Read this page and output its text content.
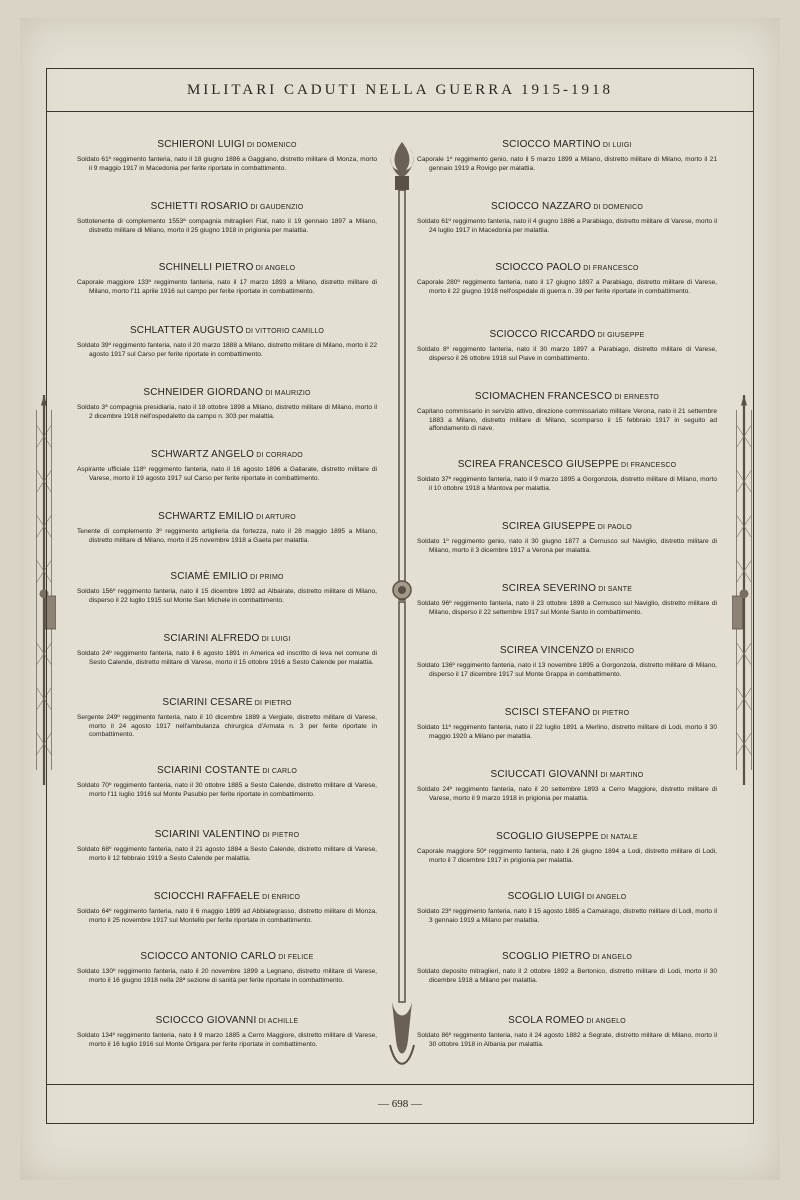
MILITARI CADUTI NELLA GUERRA 1915-1918
SCHIERONI LUIGI DI DOMENICO
Soldato 61º reggimento fanteria, nato il 18 giugno 1886 a Gaggiano, distretto militare di Monza, morto il 9 maggio 1917 in Macedonia per ferite riportate in combattimento.
SCHIETTI ROSARIO DI GAUDENZIO
Sottotenente di complemento 1553ª compagnia mitraglieri Fiat, nato il 19 gennaio 1897 a Milano, distretto militare di Milano, morto il 25 giugno 1918 in prigionia per malattia.
SCHINELLI PIETRO DI ANGELO
Caporale maggiore 133º reggimento fanteria, nato il 17 marzo 1893 a Milano, distretto militare di Milano, morto l'11 aprile 1916 sul campo per ferite riportate in combattimento.
SCHLATTER AUGUSTO DI VITTORIO CAMILLO
Soldato 39º reggimento fanteria, nato il 20 marzo 1888 a Milano, distretto militare di Milano, morto il 22 agosto 1917 sul Carso per ferite riportate in combattimento.
SCHNEIDER GIORDANO DI MAURIZIO
Soldato 3ª compagnia presidiaria, nato il 18 ottobre 1898 a Milano, distretto militare di Milano, morto il 2 dicembre 1918 nell'ospedaletto da campo n. 303 per malattia.
SCHWARTZ ANGELO DI CORRADO
Aspirante ufficiale 118º reggimento fanteria, nato il 16 agosto 1896 a Gallarate, distretto militare di Varese, morto il 19 agosto 1917 sul Carso per ferite riportate in combattimento.
SCHWARTZ EMILIO DI ARTURO
Tenente di complemento 3º reggimento artiglieria da fortezza, nato il 28 maggio 1895 a Milano, distretto militare di Milano, morto il 25 novembre 1918 a Gaeta per malattia.
SCIAMÈ EMILIO DI PRIMO
Soldato 156º reggimento fanteria, nato il 15 dicembre 1892 ad Albairate, distretto militare di Milano, disperso il 22 luglio 1915 sul Monte San Michele in combattimento.
SCIARINI ALFREDO DI LUIGI
Soldato 24º reggimento fanteria, nato il 6 agosto 1891 in America ed inscritto di leva nel comune di Sesto Calende, distretto militare di Varese, morto il 15 ottobre 1916 a Sesto Calende per malattia.
SCIARINI CESARE DI PIETRO
Sergente 249º reggimento fanteria, nato il 10 dicembre 1889 a Vergiate, distretto militare di Varese, morto il 24 agosto 1917 nell'ambulanza chirurgica d'Armata n. 3 per ferite riportate in combattimento.
SCIARINI COSTANTE DI CARLO
Soldato 70º reggimento fanteria, nato il 30 ottobre 1885 a Sesto Calende, distretto militare di Varese, morto l'11 luglio 1916 sul Monte Pasubio per ferite riportate in combattimento.
SCIARINI VALENTINO DI PIETRO
Soldato 68º reggimento fanteria, nato il 21 agosto 1884 a Sesto Calende, distretto militare di Varese, morto il 12 febbraio 1919 a Sesto Calende per malattia.
SCIOCCHI RAFFAELE DI ENRICO
Soldato 64º reggimento fanteria, nato il 6 maggio 1899 ad Abbiategrasso, distretto militare di Monza, morto il 25 novembre 1917 sul Montello per ferite riportate in combattimento.
SCIOCCO ANTONIO CARLO DI FELICE
Soldato 130º reggimento fanteria, nato il 20 novembre 1899 a Legnano, distretto militare di Varese, morto il 16 giugno 1918 nella 28ª sezione di sanità per ferite riportate in combattimento.
SCIOCCO GIOVANNI DI ACHILLE
Soldato 134º reggimento fanteria, nato il 9 marzo 1885 a Cerro Maggiore, distretto militare di Varese, morto il 16 luglio 1916 sul Monte Ortigara per ferite riportate in combattimento.
SCIOCCO MARTINO DI LUIGI
Caporale 1º reggimento genio, nato il 5 marzo 1899 a Milano, distretto militare di Milano, morto il 21 gennaio 1919 a Rovigo per malattia.
SCIOCCO NAZZARO DI DOMENICO
Soldato 61º reggimento fanteria, nato il 4 giugno 1886 a Parabiago, distretto militare di Varese, morto il 24 luglio 1917 in Macedonia per malattia.
SCIOCCO PAOLO DI FRANCESCO
Caporale 280º reggimento fanteria, nato il 17 giugno 1897 a Parabiago, distretto militare di Varese, morto il 22 giugno 1918 nell'ospedale di guerra n. 39 per ferite riportate in combattimento.
SCIOCCO RICCARDO DI GIUSEPPE
Soldato 8º reggimento fanteria, nato il 30 marzo 1897 a Parabiago, distretto militare di Varese, disperso il 26 ottobre 1918 sul Piave in combattimento.
SCIOMACHEN FRANCESCO DI ERNESTO
Capitano commissario in servizio attivo, direzione commissariato militare Verona, nato il 21 settembre 1883 a Milano, distretto militare di Milano, scomparso il 15 febbraio 1917 in seguito ad affondamento di nave.
SCIREA FRANCESCO GIUSEPPE DI FRANCESCO
Soldato 37º reggimento fanteria, nato il 9 marzo 1895 a Gorgonzola, distretto militare di Milano, morto il 10 ottobre 1918 a Mantova per malattia.
SCIREA GIUSEPPE DI PAOLO
Soldato 1º reggimento genio, nato il 30 giugno 1877 a Cernusco sul Naviglio, distretto militare di Milano, morto il 3 dicembre 1917 a Verona per malattia.
SCIREA SEVERINO DI SANTE
Soldato 96º reggimento fanteria, nato il 23 ottobre 1898 a Cernusco sul Naviglio, distretto militare di Milano, disperso il 22 settembre 1917 sul Monte Santo in combattimento.
SCIREA VINCENZO DI ENRICO
Soldato 136º reggimento fanteria, nato il 13 novembre 1895 a Gorgonzola, distretto militare di Milano, disperso il 17 dicembre 1917 sul Monte Grappa in combattimento.
SCISCI STEFANO DI PIETRO
Soldato 11º reggimento fanteria, nato il 22 luglio 1891 a Merlino, distretto militare di Lodi, morto il 30 maggio 1920 a Milano per malattia.
SCIUCCATI GIOVANNI DI MARTINO
Soldato 24º reggimento fanteria, nato il 20 settembre 1893 a Cerro Maggiore, distretto militare di Varese, morto il 9 marzo 1918 in prigionia per malattia.
SCOGLIO GIUSEPPE DI NATALE
Caporale maggiore 50º reggimento fanteria, nato il 26 giugno 1894 a Lodi, distretto militare di Lodi, morto il 7 dicembre 1917 in prigionia per malattia.
SCOGLIO LUIGI DI ANGELO
Soldato 23º reggimento fanteria, nato il 15 agosto 1885 a Camairago, distretto militare di Lodi, morto il 3 gennaio 1919 a Milano per malattia.
SCOGLIO PIETRO DI ANGELO
Soldato deposito mitraglieri, nato il 2 ottobre 1892 a Bertonico, distretto militare di Lodi, morto il 30 dicembre 1918 a Milano per malattia.
SCOLA ROMEO DI ANGELO
Soldato 86º reggimento fanteria, nato il 24 agosto 1882 a Segrate, distretto militare di Milano, morto il 30 ottobre 1918 in Albania per malattia.
— 698 —
